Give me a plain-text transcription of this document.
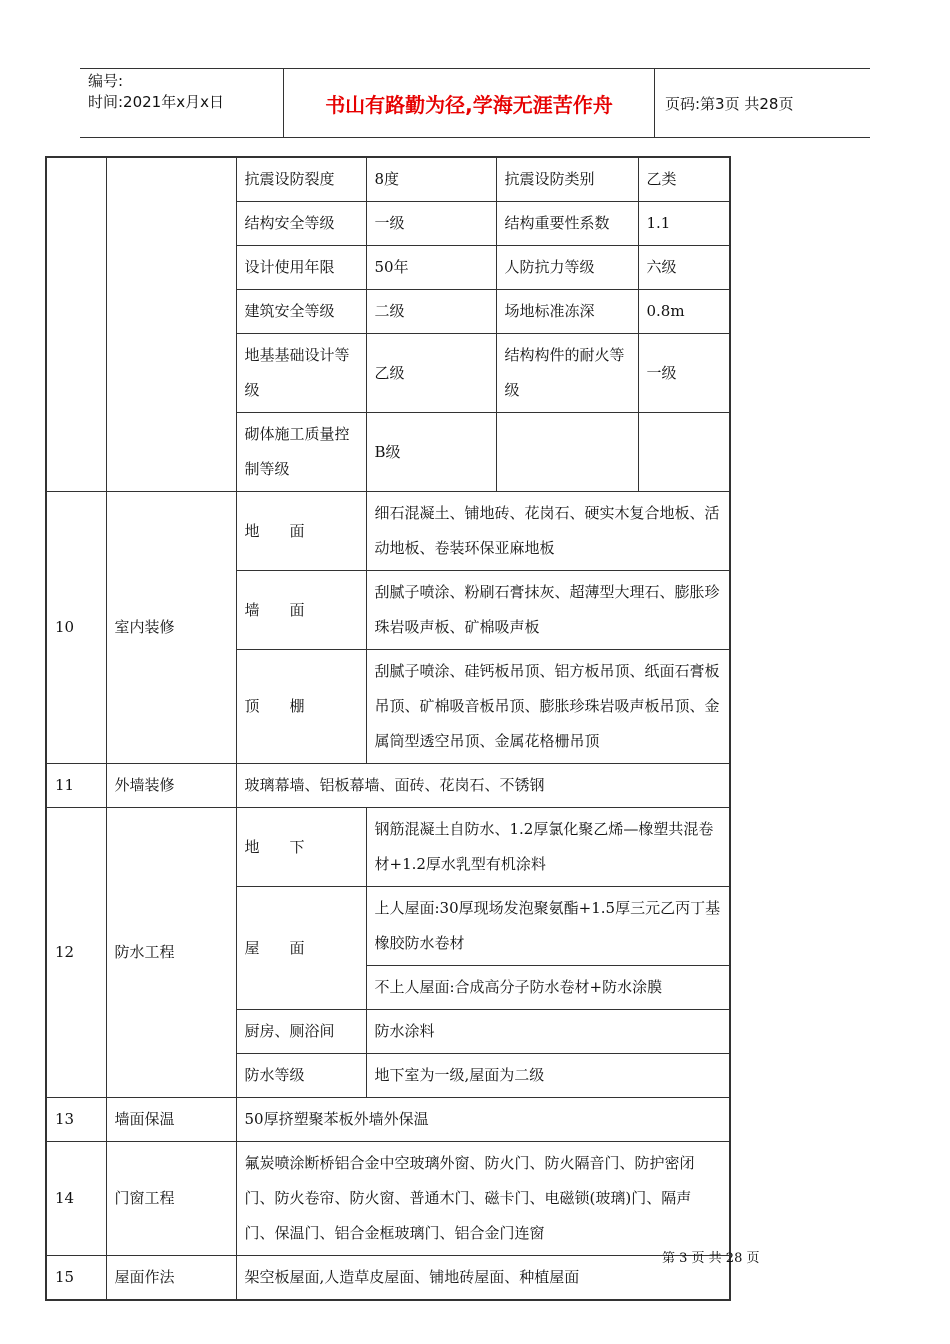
编号:
时间:2021年x月x日	书山有路勤为径,学海无涯苦作舟	页码:第3页 共28页
		抗震设防裂度	8度	抗震设防类别	乙类
		结构安全等级	一级	结构重要性系数	1.1
		设计使用年限	50年	人防抗力等级	六级
		建筑安全等级	二级	场地标准冻深	0.8m
		地基基础设计等级	乙级	结构构件的耐火等级	一级
		砌体施工质量控制等级	B级		
10	室内装修	地　　面	细石混凝土、铺地砖、花岗石、硬实木复合地板、活动地板、卷装环保亚麻地板		
		墙　　面	刮腻子喷涂、粉刷石膏抹灰、超薄型大理石、膨胀珍珠岩吸声板、矿棉吸声板		
		顶　　棚	刮腻子喷涂、硅钙板吊顶、铝方板吊顶、纸面石膏板吊顶、矿棉吸音板吊顶、膨胀珍珠岩吸声板吊顶、金属筒型透空吊顶、金属花格栅吊顶		
11	外墙装修	玻璃幕墙、铝板幕墙、面砖、花岗石、不锈钢			
12	防水工程	地　　下	钢筋混凝土自防水、1.2厚氯化聚乙烯—橡塑共混卷材+1.2厚水乳型有机涂料		
		屋　　面	上人屋面:30厚现场发泡聚氨酯+1.5厚三元乙丙丁基橡胶防水卷材		
			不上人屋面:合成高分子防水卷材+防水涂膜		
		厨房、厕浴间	防水涂料		
		防水等级	地下室为一级,屋面为二级		
13	墙面保温	50厚挤塑聚苯板外墙外保温			
14	门窗工程	氟炭喷涂断桥铝合金中空玻璃外窗、防火门、防火隔音门、防护密闭门、防火卷帘、防火窗、普通木门、磁卡门、电磁锁(玻璃)门、隔声门、保温门、铝合金框玻璃门、铝合金门连窗			
15	屋面作法	架空板屋面,人造草皮屋面、铺地砖屋面、种植屋面			
第 3 页 共 28 页
